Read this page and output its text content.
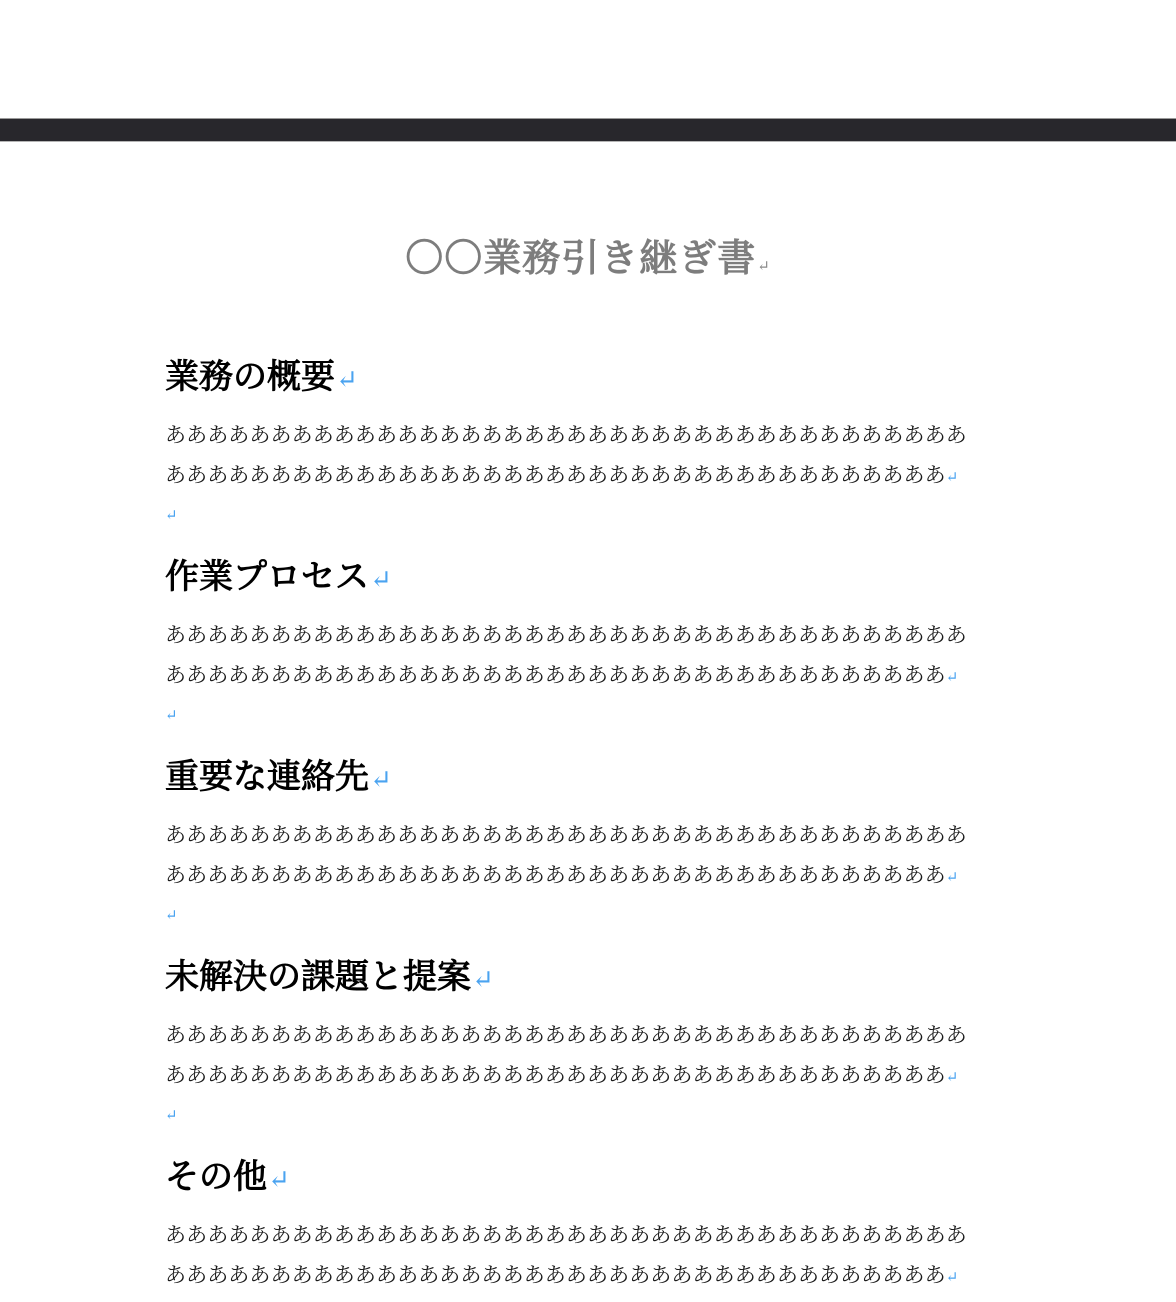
〇〇業務引き継ぎ書↵
業務の概要↵
ああああああああああああああああああああああああああああああああああああああ
あああああああああああああああああああああああああああああああああああああ↵
↵
作業プロセス↵
ああああああああああああああああああああああああああああああああああああああ
あああああああああああああああああああああああああああああああああああああ↵
↵
重要な連絡先↵
ああああああああああああああああああああああああああああああああああああああ
あああああああああああああああああああああああああああああああああああああ↵
↵
未解決の課題と提案↵
ああああああああああああああああああああああああああああああああああああああ
あああああああああああああああああああああああああああああああああああああ↵
↵
その他↵
ああああああああああああああああああああああああああああああああああああああ
あああああああああああああああああああああああああああああああああああああ↵
